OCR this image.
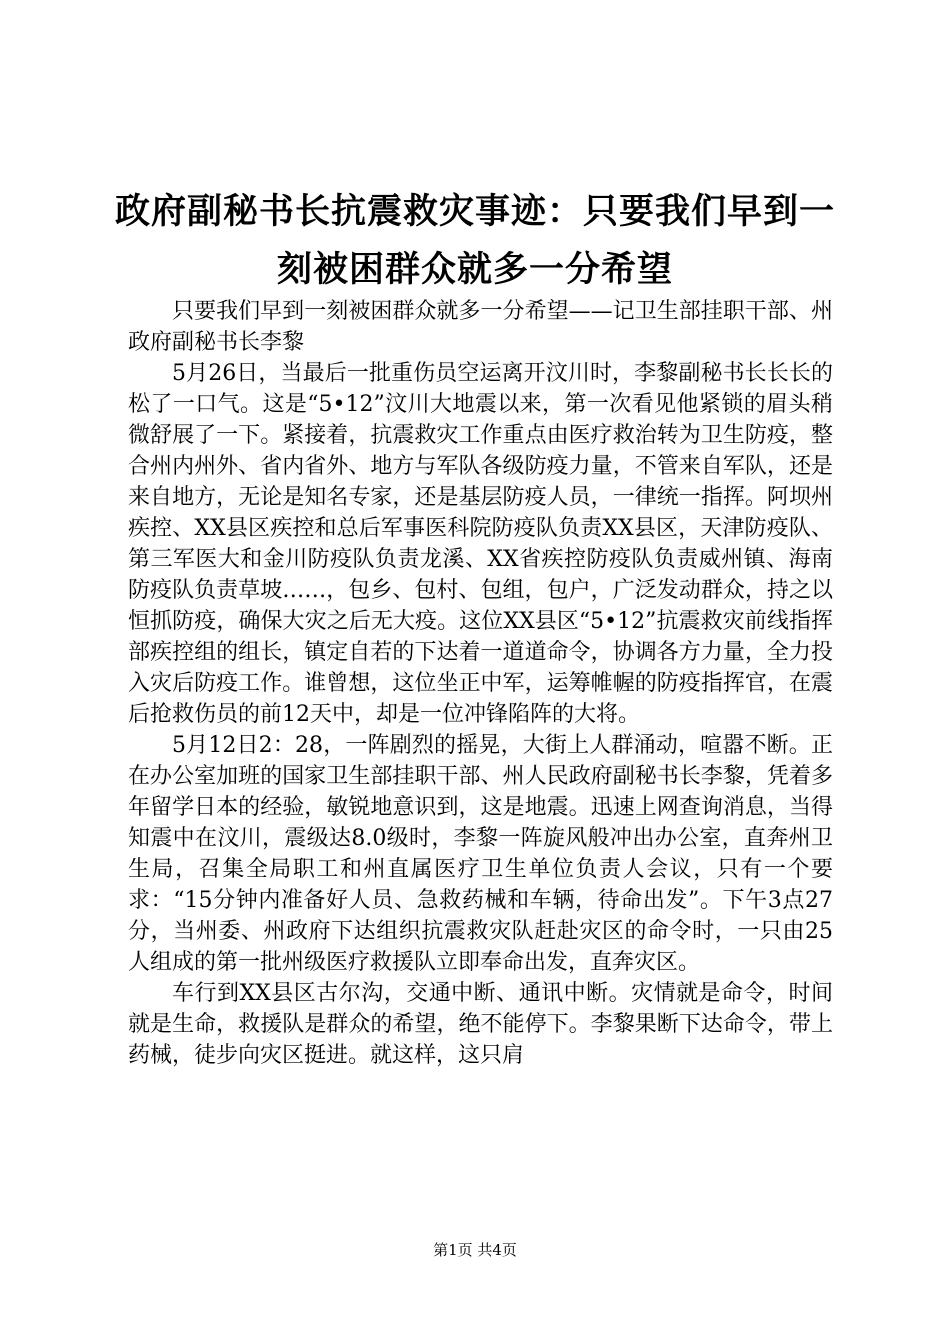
政府副秘书长抗震救灾事迹：只要我们早到一刻被困群众就多一分希望

只要我们早到一刻被困群众就多一分希望——记卫生部挂职干部、州政府副秘书长李黎

5月26日，当最后一批重伤员空运离开汶川时，李黎副秘书长长长的松了一口气。这是“5•12”汶川大地震以来，第一次看见他紧锁的眉头稍微舒展了一下。紧接着，抗震救灾工作重点由医疗救治转为卫生防疫，整合州内州外、省内省外、地方与军队各级防疫力量，不管来自军队，还是来自地方，无论是知名专家，还是基层防疫人员，一律统一指挥。阿坝州疾控、XX县区疾控和总后军事医科院防疫队负责XX县区，天津防疫队、第三军医大和金川防疫队负责龙溪、XX省疾控防疫队负责威州镇、海南防疫队负责草坡……，包乡、包村、包组，包户，广泛发动群众，持之以恒抓防疫，确保大灾之后无大疫。这位XX县区“5•12”抗震救灾前线指挥部疾控组的组长，镇定自若的下达着一道道命令，协调各方力量，全力投入灾后防疫工作。谁曾想，这位坐正中军，运筹帷幄的防疫指挥官，在震后抢救伤员的前12天中，却是一位冲锋陷阵的大将。

5月12日2：28，一阵剧烈的摇晃，大街上人群涌动，喧嚣不断。正在办公室加班的国家卫生部挂职干部、州人民政府副秘书长李黎，凭着多年留学日本的经验，敏锐地意识到，这是地震。迅速上网查询消息，当得知震中在汶川，震级达8.0级时，李黎一阵旋风般冲出办公室，直奔州卫生局，召集全局职工和州直属医疗卫生单位负责人会议，只有一个要求：“15分钟内准备好人员、急救药械和车辆，待命出发”。下午3点27分，当州委、州政府下达组织抗震救灾队赶赴灾区的命令时，一只由25人组成的第一批州级医疗救援队立即奉命出发，直奔灾区。

车行到XX县区古尔沟，交通中断、通讯中断。灾情就是命令，时间就是生命，救援队是群众的希望，绝不能停下。李黎果断下达命令，带上药械，徒步向灾区挺进。就这样，这只肩

第1页 共4页
